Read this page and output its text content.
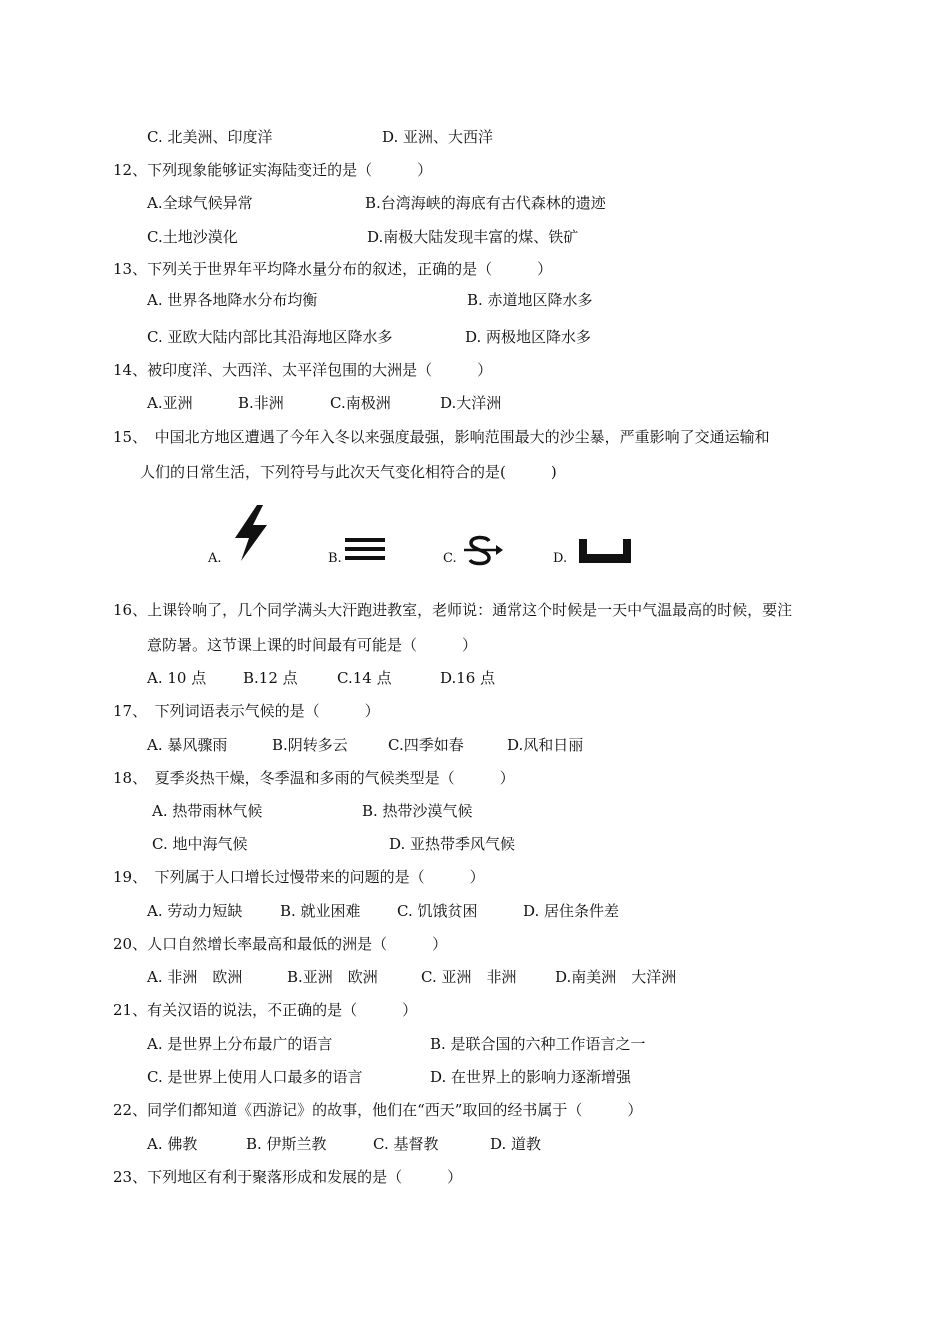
C. 北美洲、印度洋	D. 亚洲、大西洋
12、下列现象能够证实海陆变迁的是（　　　）
A.全球气候异常	B.台湾海峡的海底有古代森林的遗迹
C.土地沙漠化	D.南极大陆发现丰富的煤、铁矿
13、下列关于世界年平均降水量分布的叙述，正确的是（　　　）
A. 世界各地降水分布均衡	B. 赤道地区降水多
C. 亚欧大陆内部比其沿海地区降水多	D. 两极地区降水多
14、被印度洋、大西洋、太平洋包围的大洲是（　　　）
A.亚洲	B.非洲	C.南极洲	D.大洋洲
15、　中国北方地区遭遇了今年入冬以来强度最强，影响范围最大的沙尘暴，严重影响了交通运输和
人们的日常生活，下列符号与此次天气变化相符合的是(　　　)
A.	B.	C.	D.
16、上课铃响了，几个同学满头大汗跑进教室，老师说：通常这个时候是一天中气温最高的时候，要注
意防暑。这节课上课的时间最有可能是（　　　）
A. 10 点 B.12 点	C.14 点	D.16 点
17、　下列词语表示气候的是（　　　）
A. 暴风骤雨	B.阴转多云	C.四季如春	D.风和日丽
18、　夏季炎热干燥，冬季温和多雨的气候类型是（　　　）
A. 热带雨林气候	B. 热带沙漠气候
C. 地中海气候	D. 亚热带季风气候
19、　下列属于人口增长过慢带来的问题的是（　　　）
A. 劳动力短缺	B. 就业困难 C. 饥饿贫困	D. 居住条件差
20、人口自然增长率最高和最低的洲是（　　　）
A. 非洲　欧洲	B.亚洲　欧洲	C. 亚洲　非洲	D.南美洲　大洋洲
21、有关汉语的说法，不正确的是（　　　）
A. 是世界上分布最广的语言	B. 是联合国的六种工作语言之一
C. 是世界上使用人口最多的语言	D. 在世界上的影响力逐渐增强
22、同学们都知道《西游记》的故事，他们在“西天”取回的经书属于（　　　）
A. 佛教	B. 伊斯兰教	C. 基督教	D. 道教
23、下列地区有利于聚落形成和发展的是（　　　）
